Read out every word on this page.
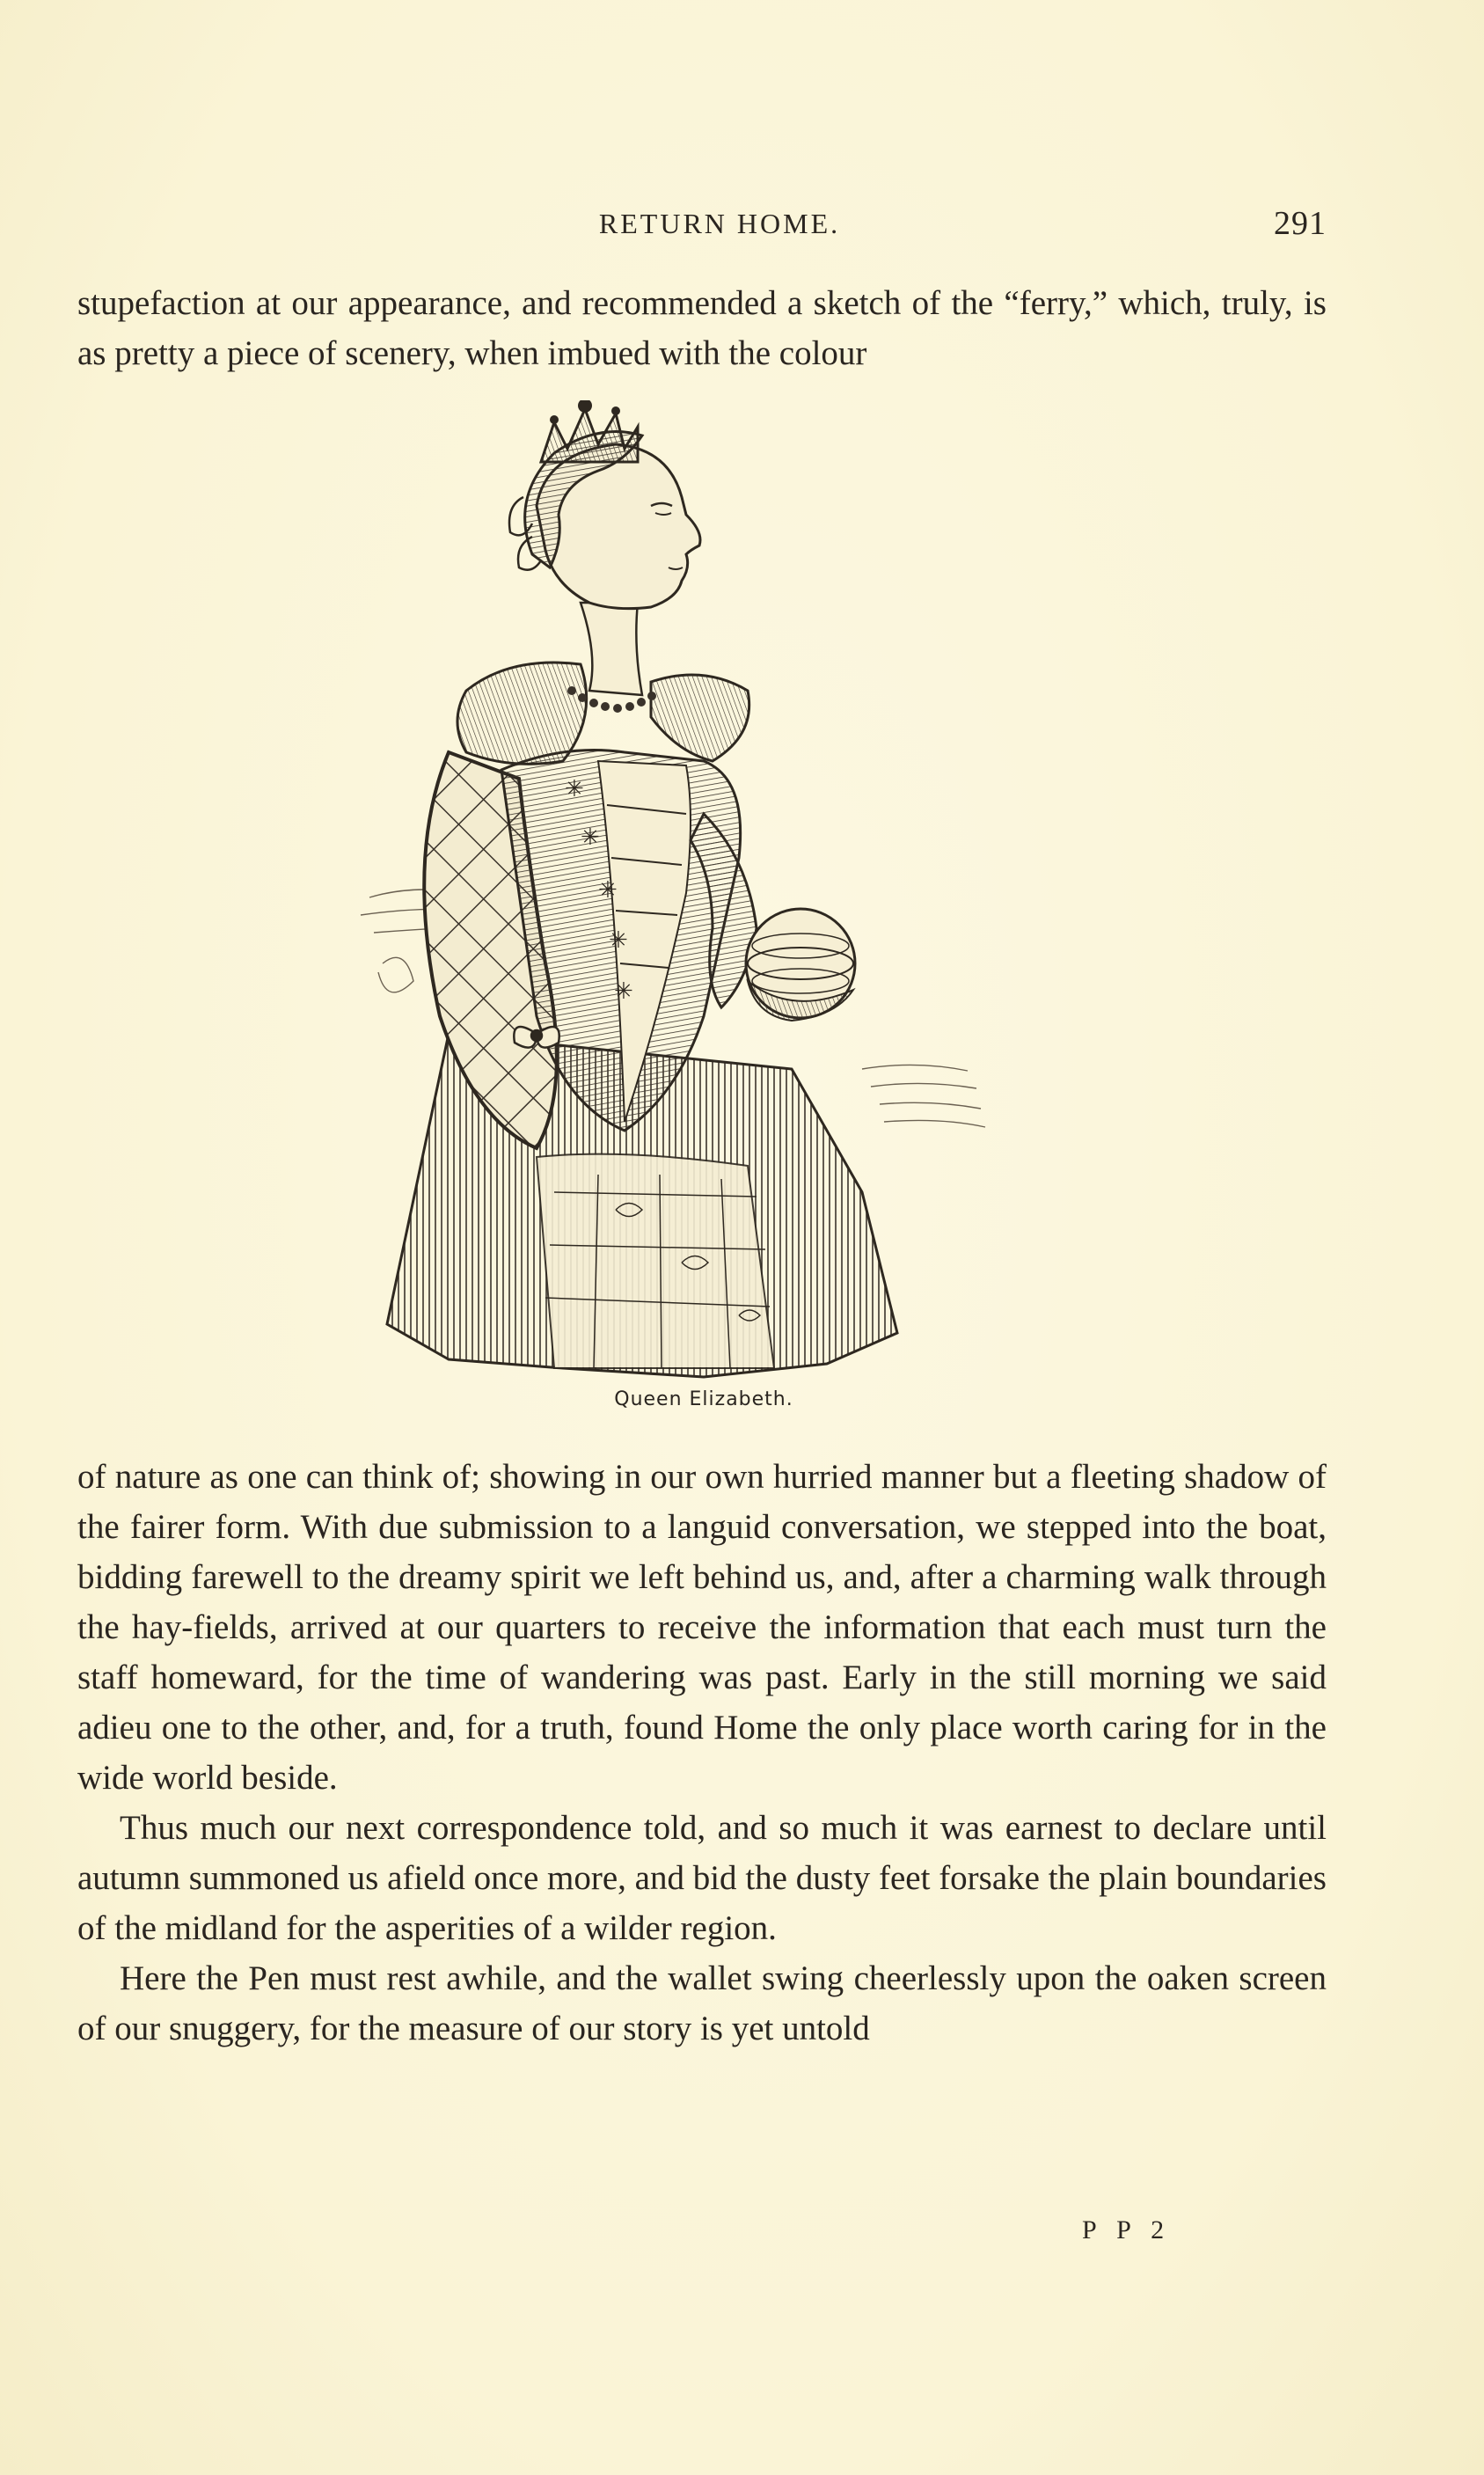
RETURN HOME.	291

stupefaction at our appearance, and recommended a sketch of the “ferry,” which, truly, is as pretty a piece of scenery, when imbued with the colour

✳
✳
✳
✳
✳
Queen Elizabeth.

of nature as one can think of; showing in our own hurried manner but a fleeting shadow of the fairer form. With due submission to a languid conversation, we stepped into the boat, bidding farewell to the dreamy spirit we left behind us, and, after a charming walk through the hay-fields, arrived at our quarters to receive the information that each must turn the staff homeward, for the time of wandering was past. Early in the still morning we said adieu one to the other, and, for a truth, found Home the only place worth caring for in the wide world beside.

Thus much our next correspondence told, and so much it was earnest to declare until autumn summoned us afield once more, and bid the dusty feet forsake the plain boundaries of the midland for the asperities of a wilder region.

Here the Pen must rest awhile, and the wallet swing cheerlessly upon the oaken screen of our snuggery, for the measure of our story is yet untold

P P 2
